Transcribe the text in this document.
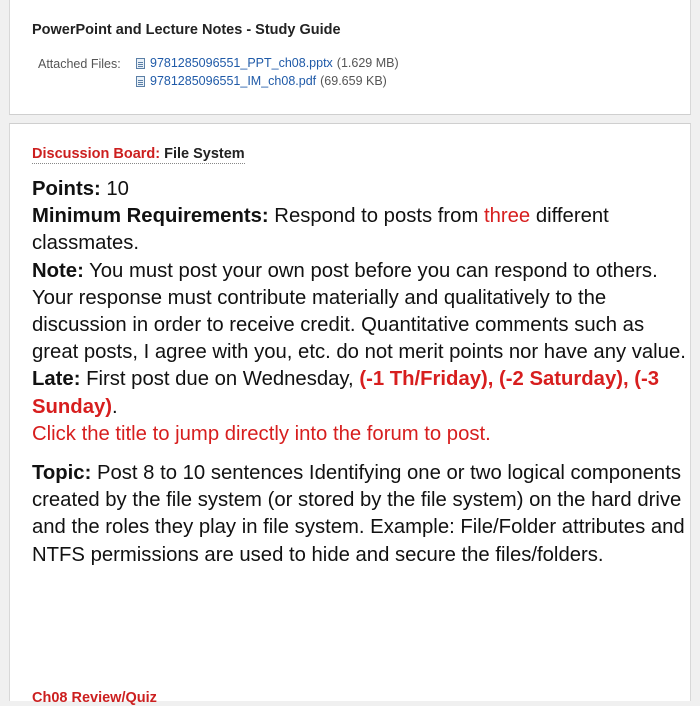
PowerPoint and Lecture Notes - Study Guide
Attached Files: 9781285096551_PPT_ch08.pptx (1.629 MB)
9781285096551_IM_ch08.pdf (69.659 KB)
Discussion Board: File System

Points: 10

Minimum Requirements: Respond to posts from three different classmates.

Note: You must post your own post before you can respond to others. Your response must contribute materially and qualitatively to the discussion in order to receive credit. Quantitative comments such as great posts, I agree with you, etc. do not merit points nor have any value.

Late: First post due on Wednesday, (-1 Th/Friday), (-2 Saturday), (-3 Sunday).

Click the title to jump directly into the forum to post.

Topic: Post 8 to 10 sentences Identifying one or two logical components created by the file system (or stored by the file system) on the hard drive and the roles they play in file system. Example: File/Folder attributes and NTFS permissions are used to hide and secure the files/folders.

Ch08 Review/Quiz
